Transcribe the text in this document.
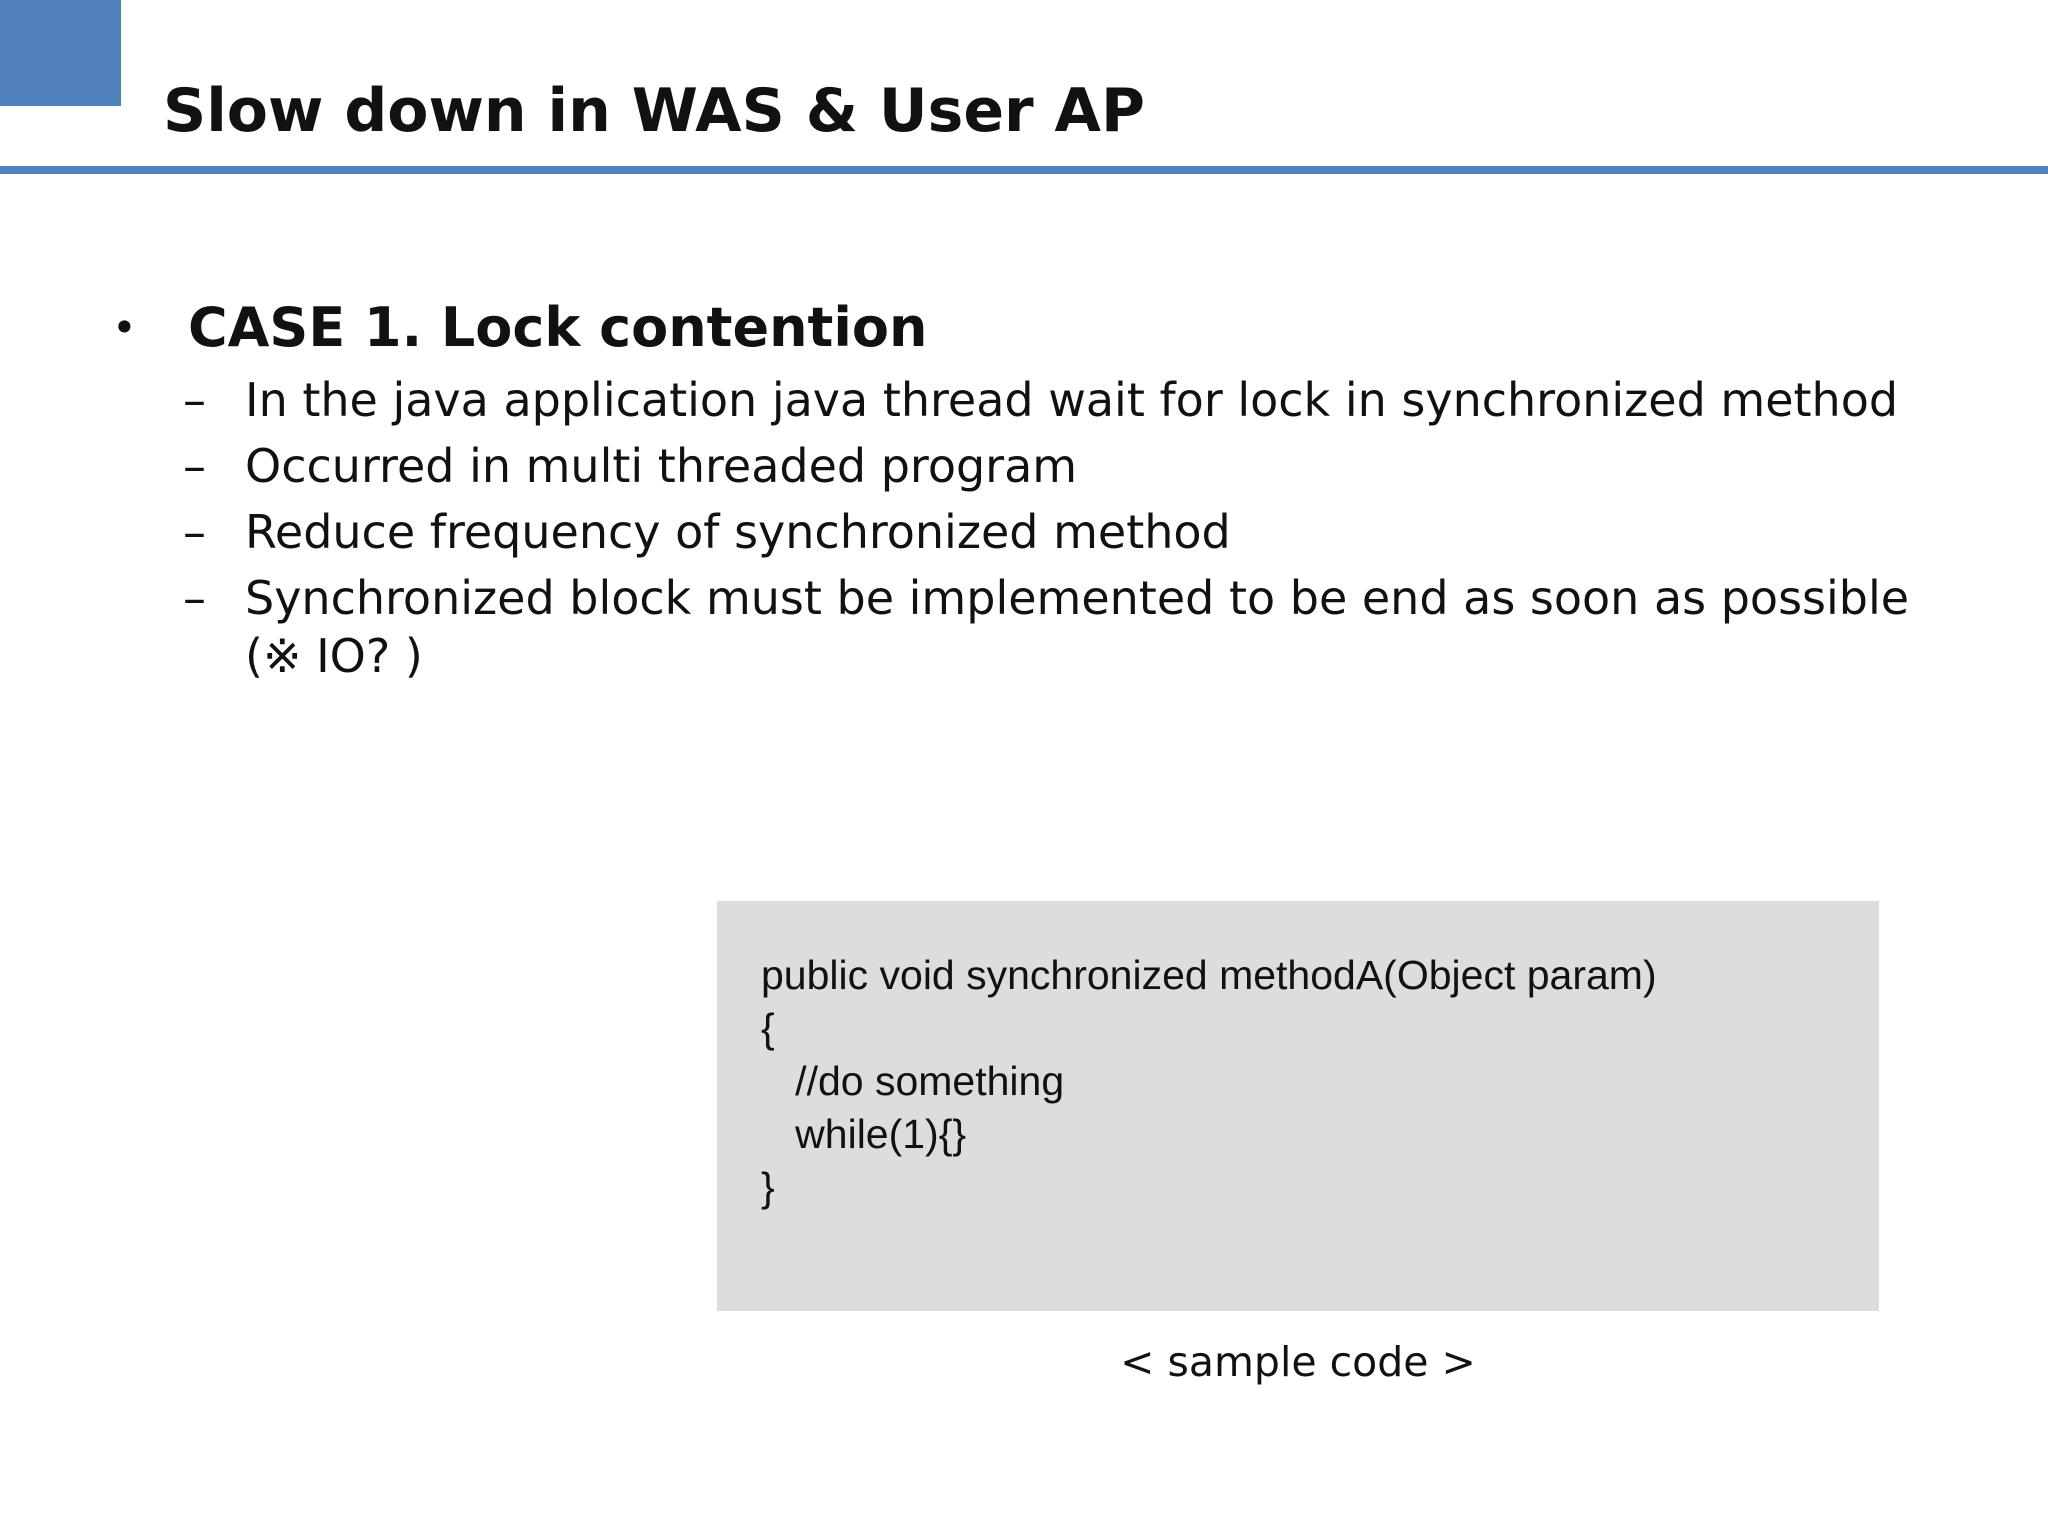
Slow down in WAS & User AP
• CASE 1. Lock contention
– In the java application java thread wait for lock in synchronized method
– Occurred in multi threaded program
– Reduce frequency of synchronized method
– Synchronized block must be implemented to be end as soon as possible (※ IO? )
public void synchronized methodA(Object param)
{
//do something
while(1){}
}
< sample code >
